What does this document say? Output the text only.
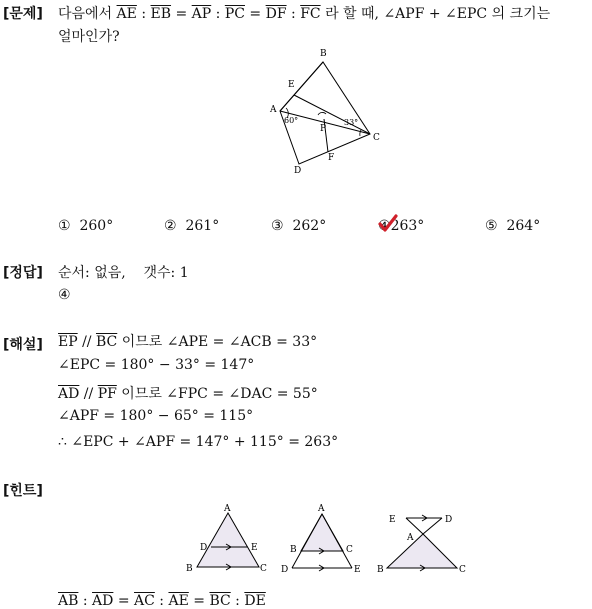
[문제] 다음에서 $\overline{AE}$ : $\overline{EB} = \overline{AP}$ : $\overline{PC} = \overline{DF}$ : $\overline{FC}$ 라 할 때, ∠APF + ∠EPC 의 크기는
얼마인가?
B
E
A
P
C
F
D
60°	33°
① 260°	② 261°	③ 262°	④
263°	⑤ 264°
[정답] 순서: 없음,    갯수: 1
④
[해설] $\overline{EP} // \overline{BC}$ 이므로 ∠APE = ∠ACB = 33°
∠EPC = 180° − 33° = 147°
$\overline{AD} // \overline{PF}$ 이므로 ∠FPC = ∠DAC = 55°
∠APF = 180° − 65° = 115°
∴ ∠EPC + ∠APF = 147° + 115° = 263°
[힌트]
A
D	E
B	C
A
B	C
D	E
E	D
A
B	C
$\overline{AB}$ : $\overline{AD} = \overline{AC}$ : $\overline{AE} = \overline{BC}$ : $\overline{DE}$
